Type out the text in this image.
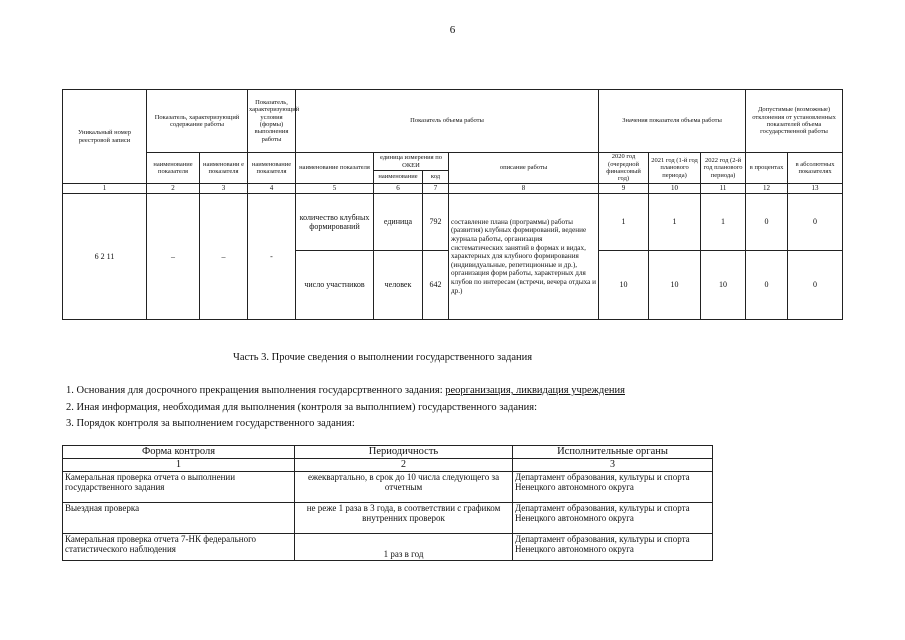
6
Уникальный номер реестровой записи	Показатель, характеризующий содержание работы		Показатель, характеризующий условия (формы) выполнения работы	Показатель объема работы				Значения показателя объема работы			Допустимые (возможные) отклонения от установленных показателей объема государственной работы	
	наименование показателя	наименовани е показателя	наименование показателя	наименование показателя	единица измерения по ОКЕИ		описание работы	2020 год (очередной финансовый год)	2021 год (1-й год планового периода)	2022 год (2-й год планового периода)	в процентах	в абсолютных показателях
					наименование	код						
1	2	3	4	5	6	7	8	9	10	11	12	13
6 2 11	–	–	-	количество клубных формирований	единица	792	составление плана (программы) работы (развития) клубных формирований, ведение журнала работы, организация систематических занятий в формах и видах, характерных для клубного формирования (индивидуальные, репетиционные и др.), организация форм работы, характерных для клубов по интересам (встречи, вечера отдыха и др.)	1	1	1	0	0
				число участников	человек	642		10	10	10	0	0
Часть 3. Прочие сведения о выполнении государственного задания
1. Основания для досрочного прекращения выполнения государсртвенного задания: реорганизация, ликвидация учреждения
2. Иная информация, необходимая для выполнения (контроля за выполнпием) государственного задания:
3. Порядок контроля за выполнением государственного задания:
Форма контроля	Периодичность	Исполнительные органы
1	2	3
Камеральная проверка отчета о выполнении государственного задания	ежеквартально, в срок до 10 числа следующего за отчетным	Департамент образования, культуры и спорта Ненецкого автономного округа
Выездная проверка	не реже 1 раза в 3 года, в соответствии с графиком внутренних проверок	Департамент образования, культуры и спорта Ненецкого автономного округа
Камеральная проверка отчета 7-НК федерального статистического наблюдения	1 раз в год	Департамент образования, культуры и спорта Ненецкого автономного округа
